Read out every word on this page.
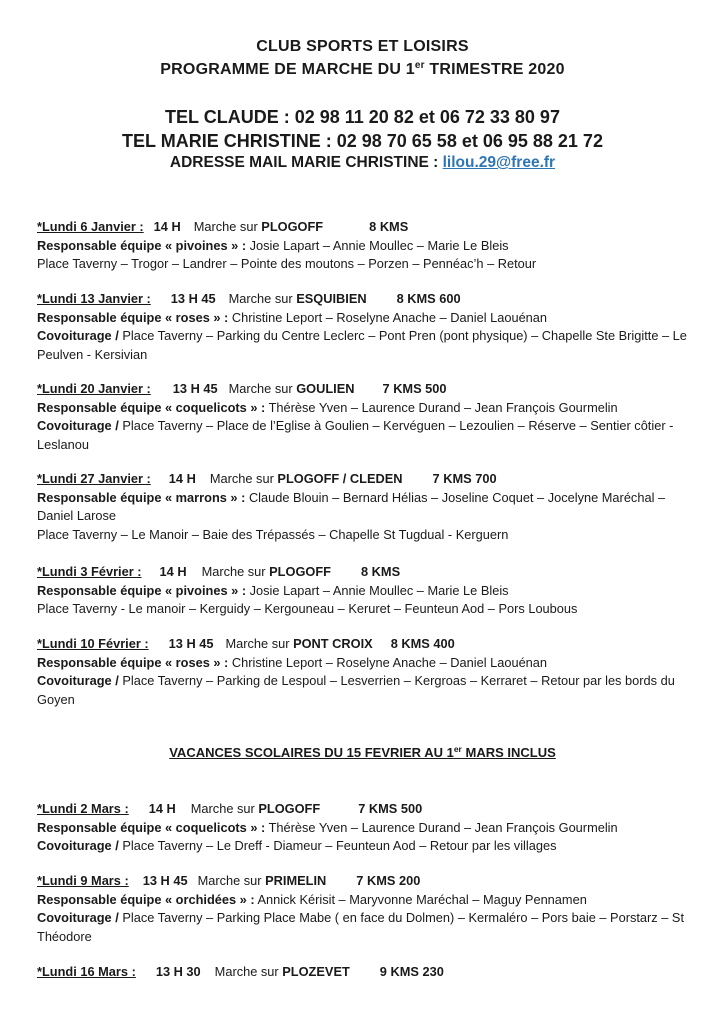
CLUB SPORTS ET LOISIRS
PROGRAMME DE MARCHE DU 1er TRIMESTRE 2020
TEL CLAUDE : 02 98 11 20 82 et 06 72 33 80 97
TEL MARIE CHRISTINE : 02 98 70 65 58 et 06 95 88 21 72
ADRESSE MAIL MARIE CHRISTINE : lilou.29@free.fr
*Lundi 6 Janvier : 14 H Marche sur PLOGOFF	8 KMS
Responsable équipe « pivoines » : Josie Lapart – Annie Moullec – Marie Le Bleis
Place Taverny – Trogor – Landrer – Pointe des moutons – Porzen – Pennéac’h – Retour
*Lundi 13 Janvier : 13 H 45 Marche sur ESQUIBIEN 8 KMS 600
Responsable équipe « roses » : Christine Leport – Roselyne Anache – Daniel Laouénan
Covoiturage / Place Taverny – Parking du Centre Leclerc – Pont Pren (pont physique) – Chapelle Ste Brigitte – Le Peulven - Kersivian
*Lundi 20 Janvier : 13 H 45 Marche sur GOULIEN 7 KMS 500
Responsable équipe « coquelicots » : Thérèse Yven – Laurence Durand – Jean François Gourmelin
Covoiturage / Place Taverny – Place de l’Eglise à Goulien – Kervéguen – Lezoulien – Réserve – Sentier côtier - Leslanou
*Lundi 27 Janvier : 14 H Marche sur PLOGOFF / CLEDEN 7 KMS 700
Responsable équipe « marrons » : Claude Blouin – Bernard Hélias – Joseline Coquet – Jocelyne Maréchal – Daniel Larose
Place Taverny – Le Manoir – Baie des Trépassés – Chapelle St Tugdual - Kerguern
*Lundi 3 Février : 14 H Marche sur PLOGOFF 8 KMS
Responsable équipe « pivoines » : Josie Lapart – Annie Moullec – Marie Le Bleis
Place Taverny - Le manoir – Kerguidy – Kergouneau – Keruret – Feunteun Aod – Pors Loubous
*Lundi 10 Février : 13 H 45 Marche sur PONT CROIX 8 KMS 400
Responsable équipe « roses » : Christine Leport – Roselyne Anache – Daniel Laouénan
Covoiturage / Place Taverny – Parking de Lespoul – Lesverrien – Kergroas – Kerraret – Retour par les bords du Goyen
VACANCES SCOLAIRES DU 15 FEVRIER AU 1er MARS INCLUS
*Lundi 2 Mars : 14 H Marche sur PLOGOFF	7 KMS 500
Responsable équipe « coquelicots » : Thérèse Yven – Laurence Durand – Jean François Gourmelin
Covoiturage / Place Taverny – Le Dreff - Diameur – Feunteun Aod – Retour par les villages
*Lundi 9 Mars : 13 H 45 Marche sur PRIMELIN 7 KMS 200
Responsable équipe « orchidées » : Annick Kérisit – Maryvonne Maréchal – Maguy Pennamen
Covoiturage / Place Taverny – Parking Place Mabe ( en face du Dolmen) – Kermaléro – Pors baie – Porstarz – St Théodore
*Lundi 16 Mars : 13 H 30 Marche sur PLOZEVET 9 KMS 230
